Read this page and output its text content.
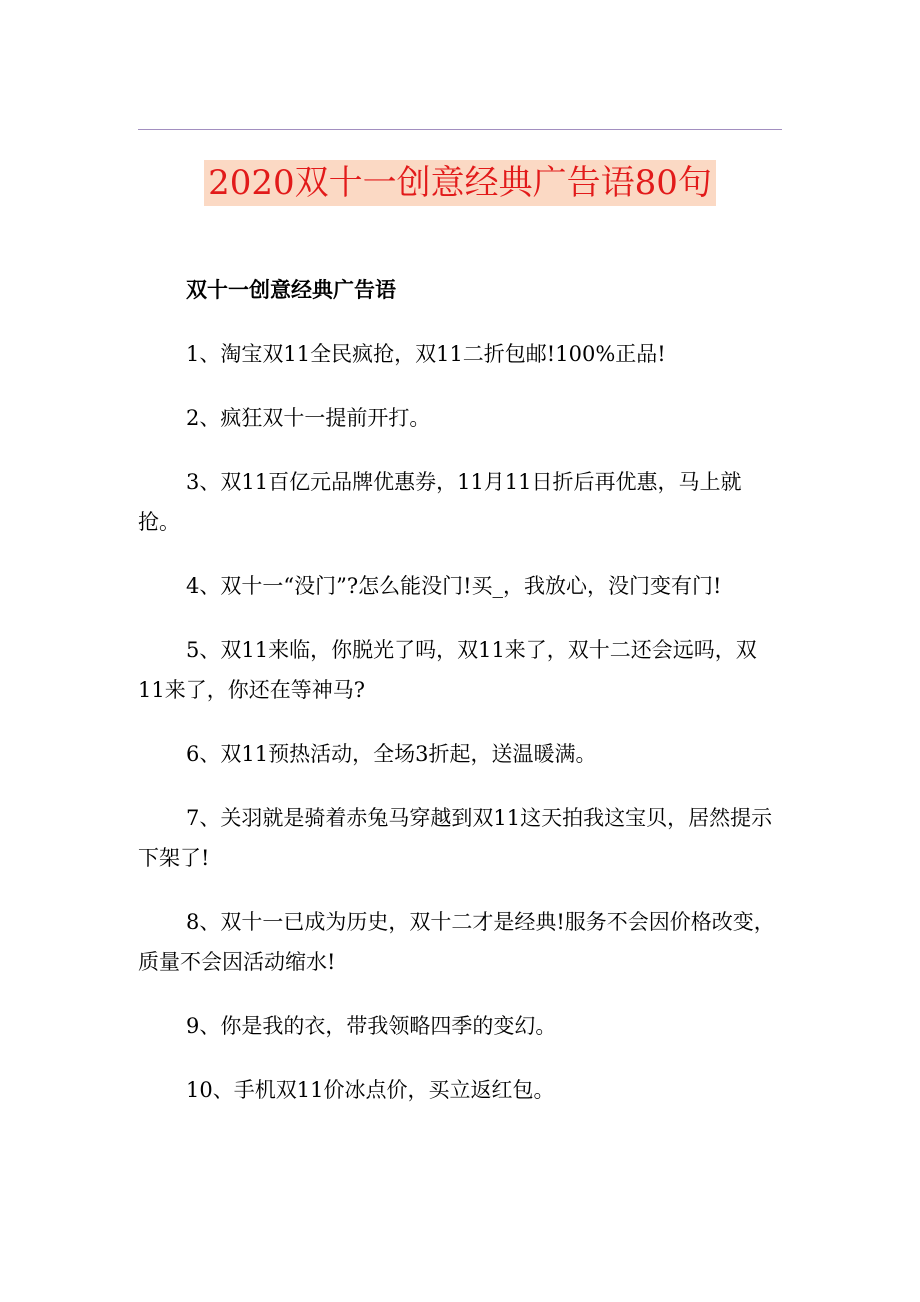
2020双十一创意经典广告语80句
双十一创意经典广告语

1、淘宝双11全民疯抢，双11二折包邮!100%正品!

2、疯狂双十一提前开打。

3、双11百亿元品牌优惠券，11月11日折后再优惠，马上就抢。

4、双十一“没门”?怎么能没门!买_，我放心，没门变有门!

5、双11来临，你脱光了吗，双11来了，双十二还会远吗，双11来了，你还在等神马?

6、双11预热活动，全场3折起，送温暖满。

7、关羽就是骑着赤兔马穿越到双11这天拍我这宝贝，居然提示下架了!

8、双十一已成为历史，双十二才是经典!服务不会因价格改变，质量不会因活动缩水!

9、你是我的衣，带我领略四季的变幻。

10、手机双11价冰点价，买立返红包。
